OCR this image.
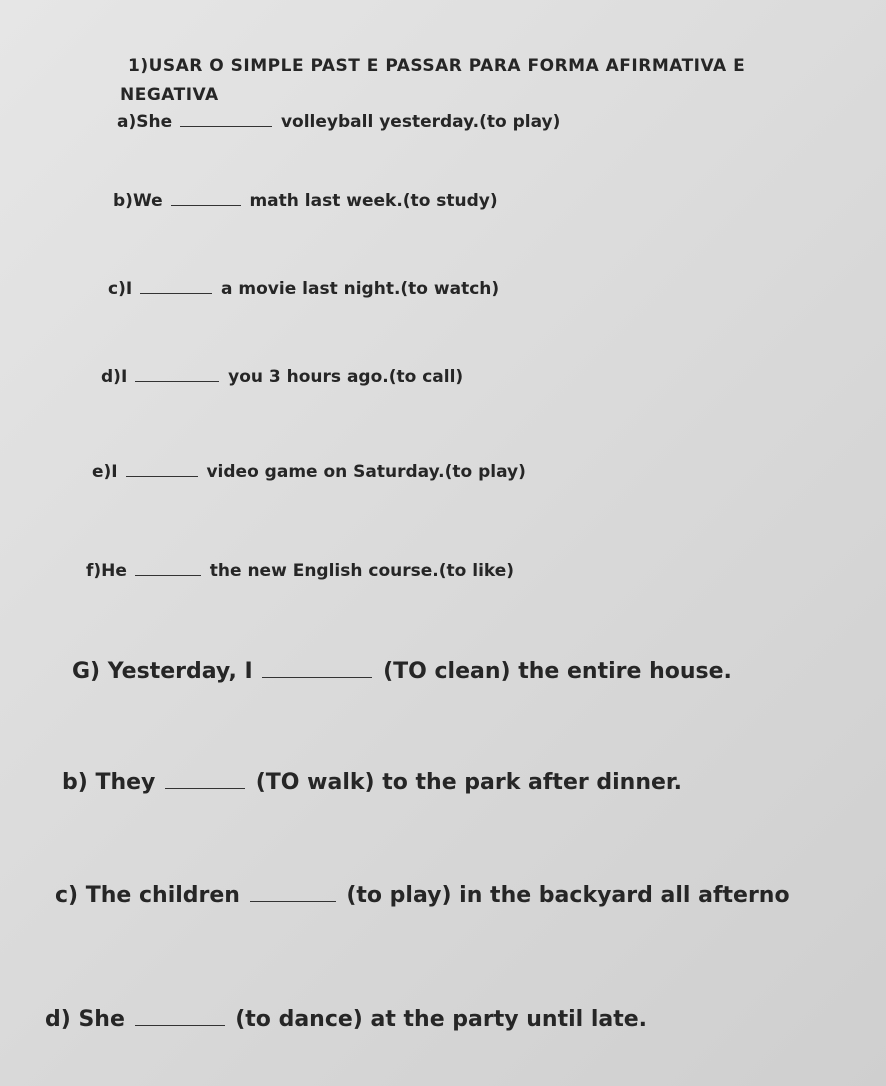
1)USAR O SIMPLE PAST E PASSAR PARA FORMA AFIRMATIVA E
NEGATIVA
a)She	volleyball yesterday.(to play)
b)We	math last week.(to study)
c)I	a movie last night.(to watch)
d)I	you 3 hours ago.(to call)
e)I	video game on Saturday.(to play)
f)He	the new English course.(to like)
G) Yesterday, I	(TO clean) the entire house.
b) They	(TO walk) to the park after dinner.
c) The children	(to play) in the backyard all afterno
d) She	(to dance) at the party until late.
